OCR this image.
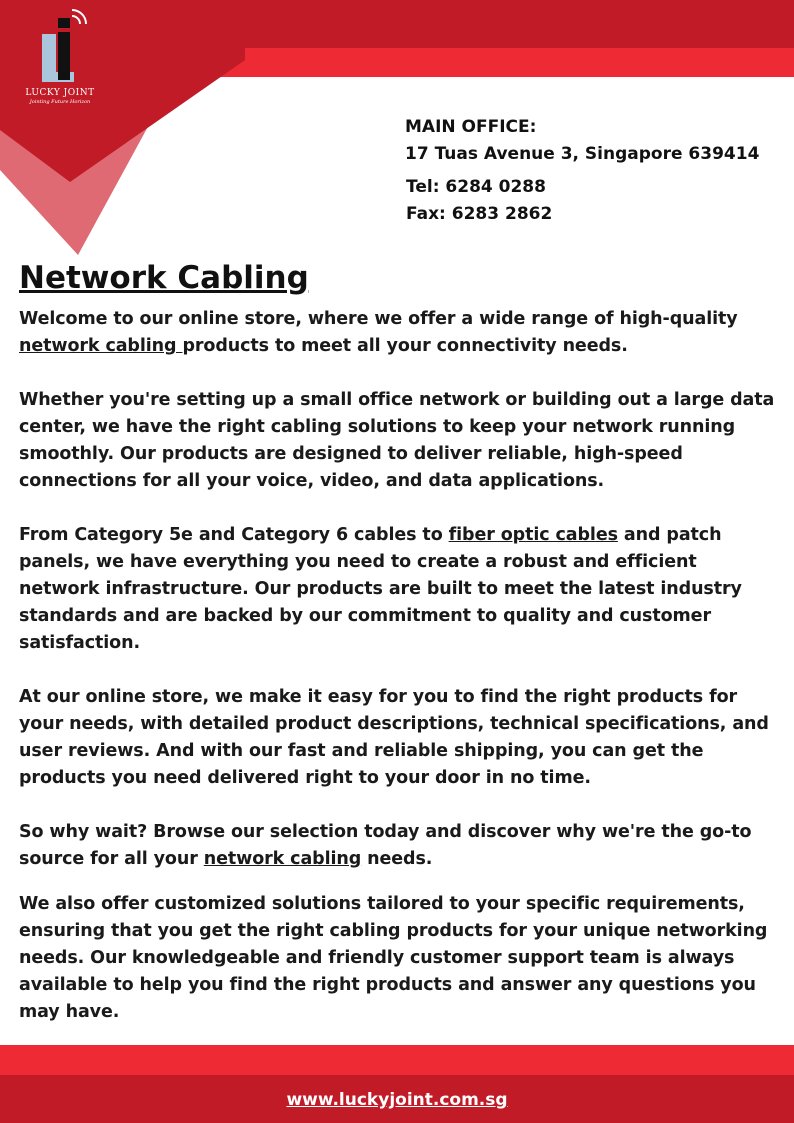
LUCKY JOINT
Jointing Future Horizon
MAIN OFFICE:
17 Tuas Avenue 3, Singapore 639414
Tel: 6284 0288
Fax: 6283 2862
Network Cabling

Welcome to our online store, where we offer a wide range of high-quality network cabling products to meet all your connectivity needs.

Whether you're setting up a small office network or building out a large data center, we have the right cabling solutions to keep your network running smoothly. Our products are designed to deliver reliable, high-speed connections for all your voice, video, and data applications.

From Category 5e and Category 6 cables to fiber optic cables and patch panels, we have everything you need to create a robust and efficient network infrastructure. Our products are built to meet the latest industry standards and are backed by our commitment to quality and customer satisfaction.

At our online store, we make it easy for you to find the right products for your needs, with detailed product descriptions, technical specifications, and user reviews. And with our fast and reliable shipping, you can get the products you need delivered right to your door in no time.

So why wait? Browse our selection today and discover why we're the go-to source for all your network cabling needs.

We also offer customized solutions tailored to your specific requirements, ensuring that you get the right cabling products for your unique networking needs. Our knowledgeable and friendly customer support team is always available to help you find the right products and answer any questions you may have.

www.luckyjoint.com.sg
